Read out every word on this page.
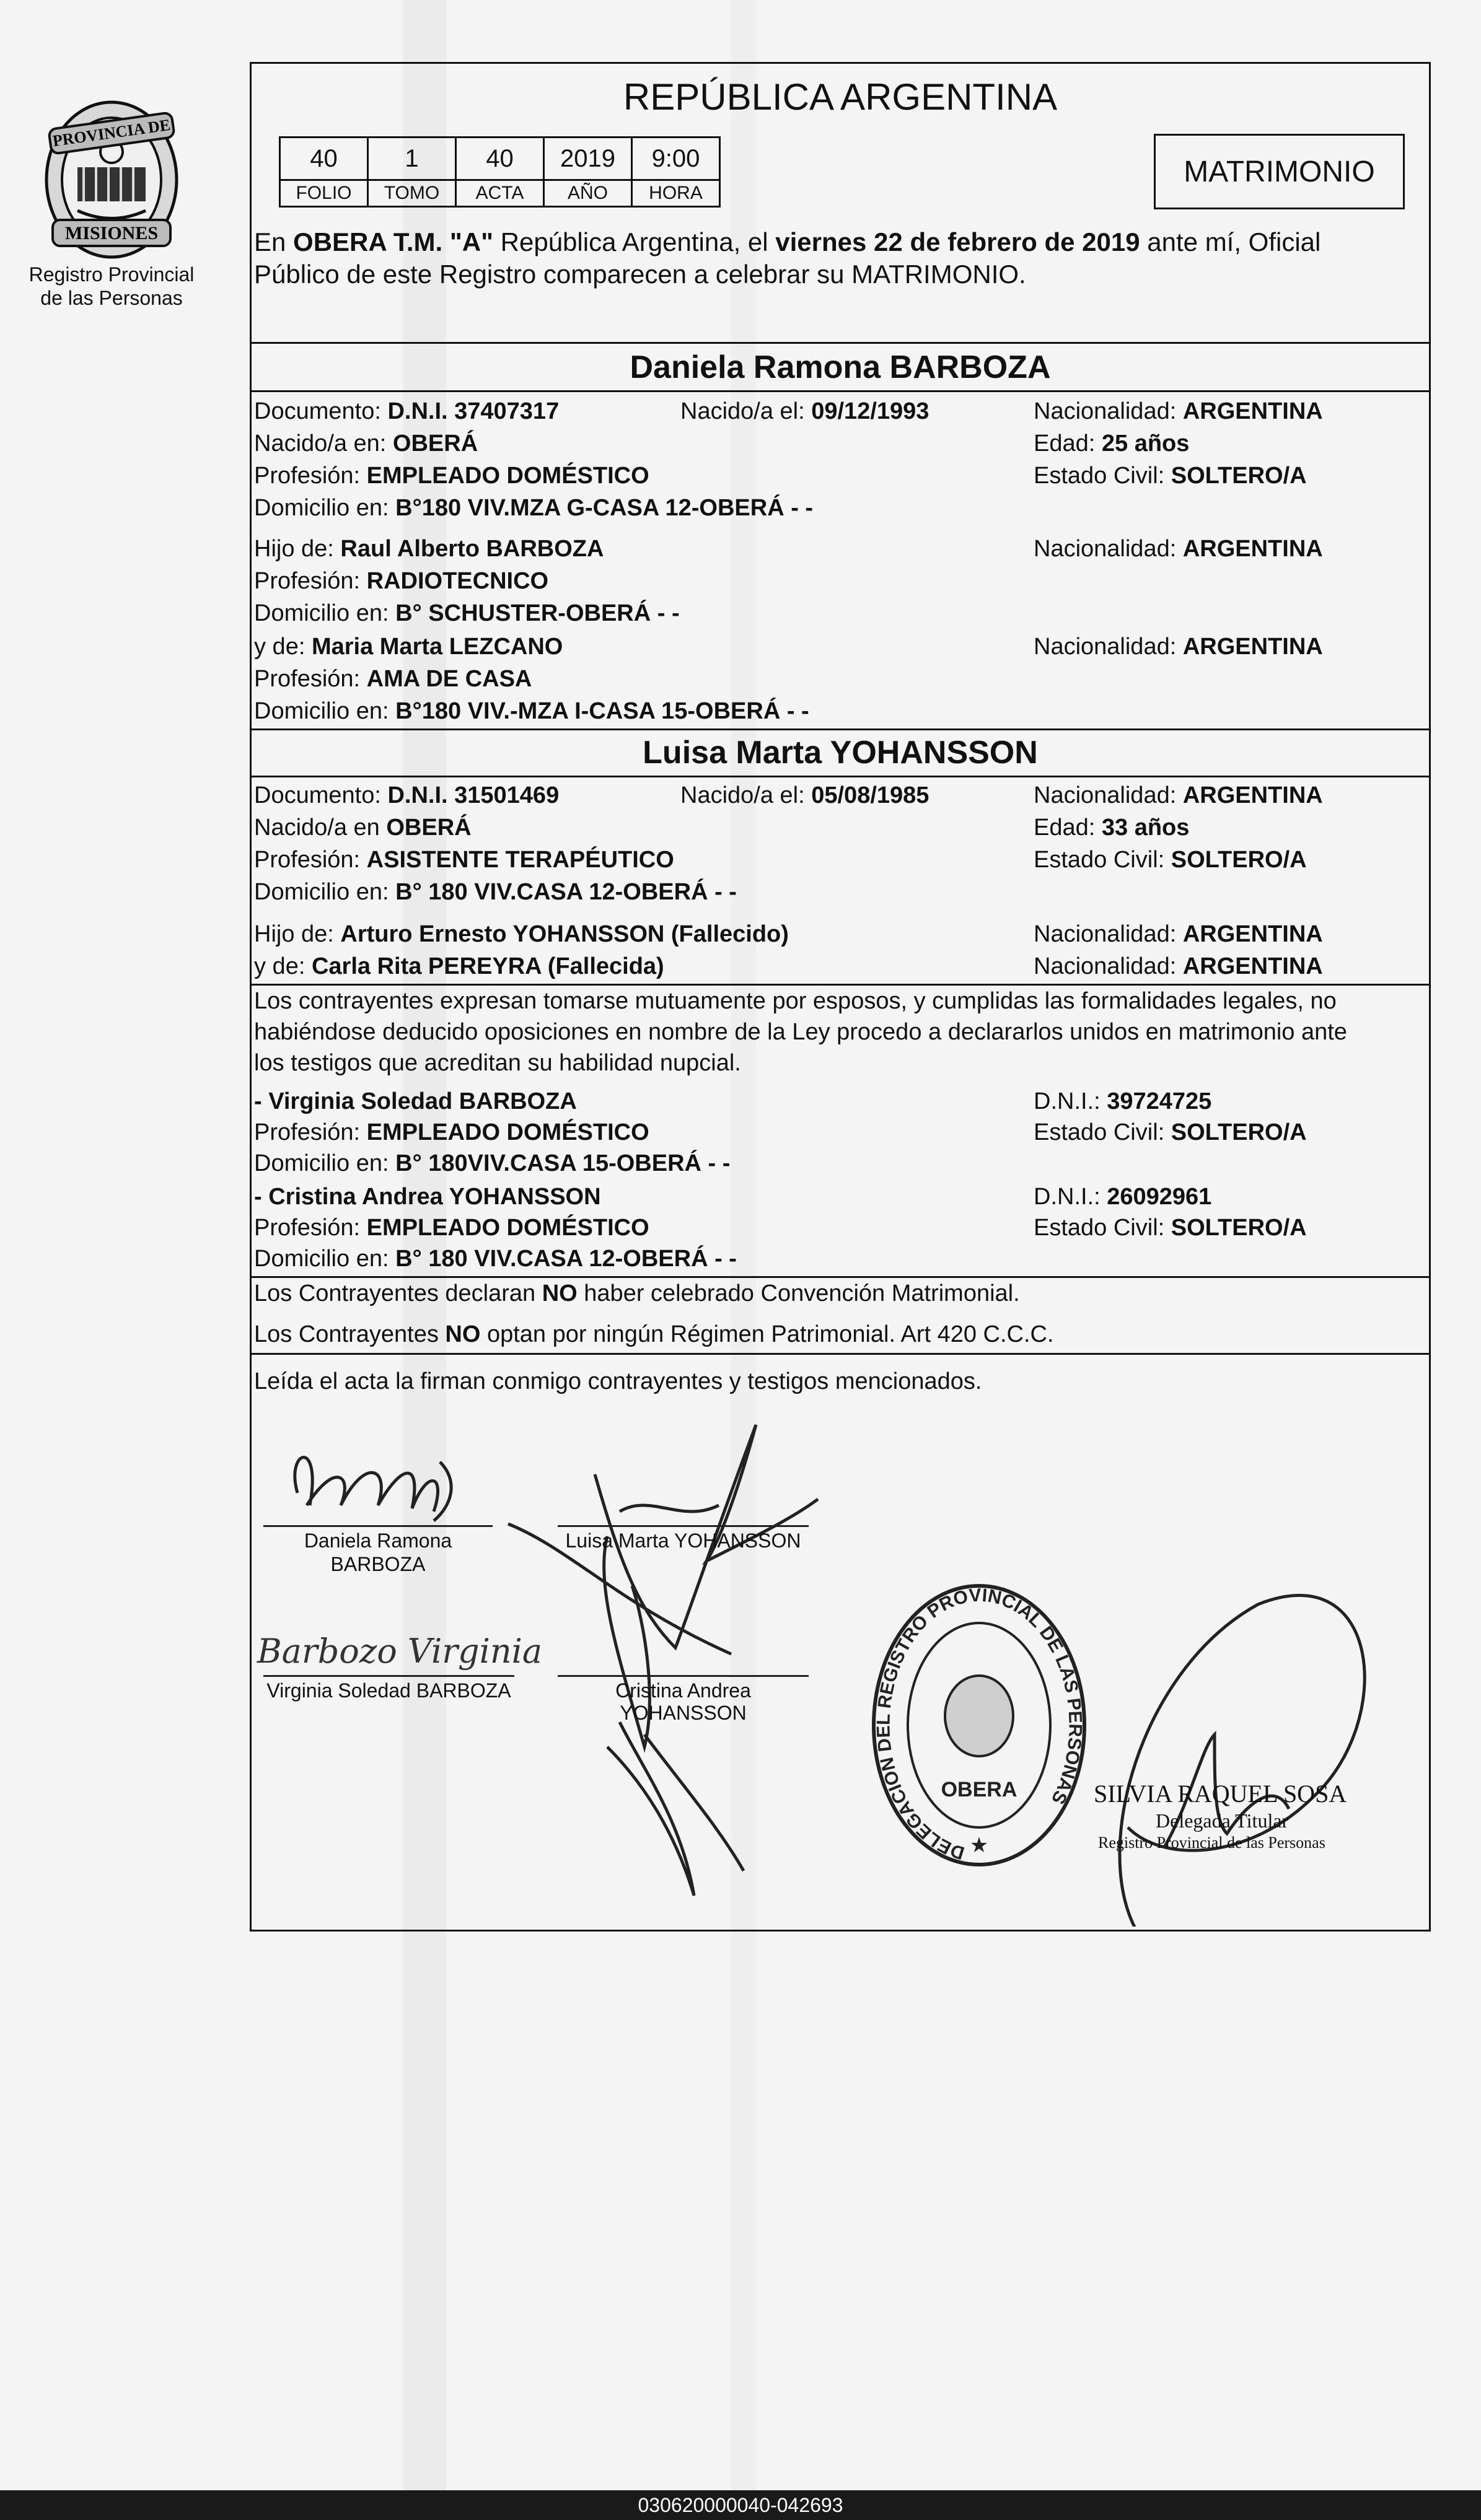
PROVINCIA DE
MISIONES
Registro Provincial
de las Personas
REPÚBLICA ARGENTINA
40	1	40	2019	9:00
FOLIO	TOMO	ACTA	AÑO	HORA
MATRIMONIO
En OBERA T.M. "A" República Argentina, el viernes 22 de febrero de 2019 ante mí, Oficial
Público de este Registro comparecen a celebrar su MATRIMONIO.
Daniela Ramona BARBOZA
Documento: D.N.I. 37407317	Nacido/a el: 09/12/1993	Nacionalidad: ARGENTINA
Nacido/a en: OBERÁ	Edad: 25 años
Profesión: EMPLEADO DOMÉSTICO	Estado Civil: SOLTERO/A
Domicilio en: B°180 VIV.MZA G-CASA 12-OBERÁ - -
Hijo de: Raul Alberto BARBOZA	Nacionalidad: ARGENTINA
Profesión: RADIOTECNICO
Domicilio en: B° SCHUSTER-OBERÁ - -
y de: Maria Marta LEZCANO	Nacionalidad: ARGENTINA
Profesión: AMA DE CASA
Domicilio en: B°180 VIV.-MZA I-CASA 15-OBERÁ - -
Luisa Marta YOHANSSON
Documento: D.N.I. 31501469	Nacido/a el: 05/08/1985	Nacionalidad: ARGENTINA
Nacido/a en OBERÁ	Edad: 33 años
Profesión: ASISTENTE TERAPÉUTICO	Estado Civil: SOLTERO/A
Domicilio en: B° 180 VIV.CASA 12-OBERÁ - -
Hijo de: Arturo Ernesto YOHANSSON (Fallecido)	Nacionalidad: ARGENTINA
y de: Carla Rita PEREYRA (Fallecida)	Nacionalidad: ARGENTINA
Los contrayentes expresan tomarse mutuamente por esposos, y cumplidas las formalidades legales, no
habiéndose deducido oposiciones en nombre de la Ley procedo a declararlos unidos en matrimonio ante
los testigos que acreditan su habilidad nupcial.
- Virginia Soledad BARBOZA	D.N.I.: 39724725
Profesión: EMPLEADO DOMÉSTICO	Estado Civil: SOLTERO/A
Domicilio en: B° 180VIV.CASA 15-OBERÁ - -
- Cristina Andrea YOHANSSON	D.N.I.: 26092961
Profesión: EMPLEADO DOMÉSTICO	Estado Civil: SOLTERO/A
Domicilio en: B° 180 VIV.CASA 12-OBERÁ - -
Los Contrayentes declaran NO haber celebrado Convención Matrimonial.
Los Contrayentes NO optan por ningún Régimen Patrimonial. Art 420 C.C.C.
Leída el acta la firman conmigo contrayentes y testigos mencionados.
Daniela Ramona
BARBOZA
Luisa Marta YOHANSSON
Barbozo Virginia
Virginia Soledad BARBOZA	Cristina Andrea
YOHANSSON
DELEGACION DEL REGISTRO PROVINCIAL DE LAS PERSONAS
OBERA
★
SILVIA RAQUEL SOSA
Delegada Titular
Registro Provincial de las Personas
030620000040-042693
